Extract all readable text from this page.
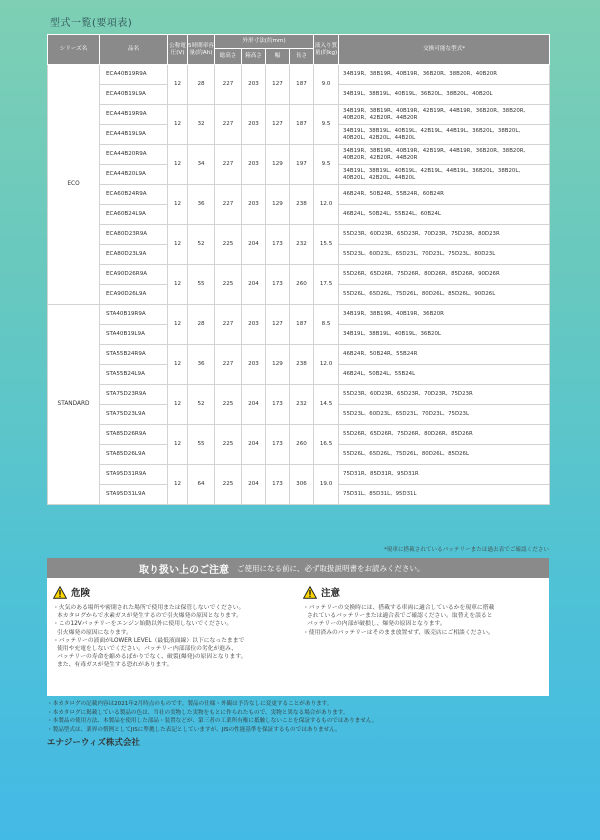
型式一覧(要項表)
シリーズ名	品名	公称電圧(V)	5時間率容量(約Ah)	外形寸法(約mm)				液入り質量(約kg)	交換可能な型式*
				総高さ	箱高さ	幅	長さ		
ECO	ECA40B19R9A	12	28	227	203	127	187	9.0	34B19R、38B19R、40B19R、36B20R、38B20R、40B20R
	ECA40B19L9A								34B19L、38B19L、40B19L、36B20L、38B20L、40B20L
	ECA44B19R9A	12	32	227	203	127	187	9.5	34B19R、38B19R、40B19R、42B19R、44B19R、36B20R、38B20R、40B20R、42B20R、44B20R
	ECA44B19L9A								34B19L、38B19L、40B19L、42B19L、44B19L、36B20L、38B20L、40B20L、42B20L、44B20L
	ECA44B20R9A	12	34	227	203	129	197	9.5	34B19R、38B19R、40B19R、42B19R、44B19R、36B20R、38B20R、40B20R、42B20R、44B20R
	ECA44B20L9A								34B19L、38B19L、40B19L、42B19L、44B19L、36B20L、38B20L、40B20L、42B20L、44B20L
	ECA60B24R9A	12	36	227	203	129	238	12.0	46B24R、50B24R、55B24R、60B24R
	ECA60B24L9A								46B24L、50B24L、55B24L、60B24L
	ECA80D23R9A	12	52	225	204	173	232	15.5	55D23R、60D23R、65D23R、70D23R、75D23R、80D23R
	ECA80D23L9A								55D23L、60D23L、65D23L、70D23L、75D23L、80D23L
	ECA90D26R9A	12	55	225	204	173	260	17.5	55D26R、65D26R、75D26R、80D26R、85D26R、90D26R
	ECA90D26L9A								55D26L、65D26L、75D26L、80D26L、85D26L、90D26L
STANDARD	STA40B19R9A	12	28	227	203	127	187	8.5	34B19R、38B19R、40B19R、36B20R
	STA40B19L9A								34B19L、38B19L、40B19L、36B20L
	STA55B24R9A	12	36	227	203	129	238	12.0	46B24R、50B24R、55B24R
	STA55B24L9A								46B24L、50B24L、55B24L
	STA75D23R9A	12	52	225	204	173	232	14.5	55D23R、60D23R、65D23R、70D23R、75D23R
	STA75D23L9A								55D23L、60D23L、65D23L、70D23L、75D23L
	STA85D26R9A	12	55	225	204	173	260	16.5	55D26R、65D26R、75D26R、80D26R、85D26R
	STA85D26L9A								55D26L、65D26L、75D26L、80D26L、85D26L
	STA95D31R9A	12	64	225	204	173	306	19.0	75D31R、85D31R、95D31R
	STA95D31L9A								75D31L、85D31L、95D31L
*現車に搭載されているバッテリーまたは過去表でご確認ください
取り扱い上のご注意 ご使用になる前に、必ず取扱説明書をお読みください。
危険
・火気のある場所や密閉された場所で使用または保管しないでください。
本カタログからで水素ガスが発生するので引火爆発の原因となります。
・この12Vバッテリーをエンジン始動以外に使用しないでください。
引火爆発の原因になります。
・バッテリーの液面がLOWER LEVEL（最低液面線）以下になったままで
使用や充電をしないでください。バッテリー内部部位の劣化が進み、
バッテリーの寿命を縮めるばかりでなく、破裂(爆発)の原因となります。
また、有毒ガスが発生する恐れがあります。
注意
・バッテリーの交換時には、搭載する車両に適合しているかを現車に搭載
されているバッテリーまたは適合表でご確認ください。取替えを誤ると
バッテリーの内部が破損し、爆発の原因となります。
・使用済みのバッテリーはそのまま放置せず、販売店にご相談ください。
・本カタログの記載内容は2021年2月時点のものです。製品の仕様・外観は予告なしに変更することがあります。
・本カタログに掲載している製品の色は、当社の実物した実物をもとに作られたもので、実物と異なる場合があります。
・本製品の使用方法、本製品を使用した部品・装置などが、第三者の工業所有権に抵触しないことを保証するものではありません。
・製品型式は、業界の慣例としてJISに準拠した表記としていますが、JISの性能基準を保証するものではありません。
エナジーウィズ株式会社
